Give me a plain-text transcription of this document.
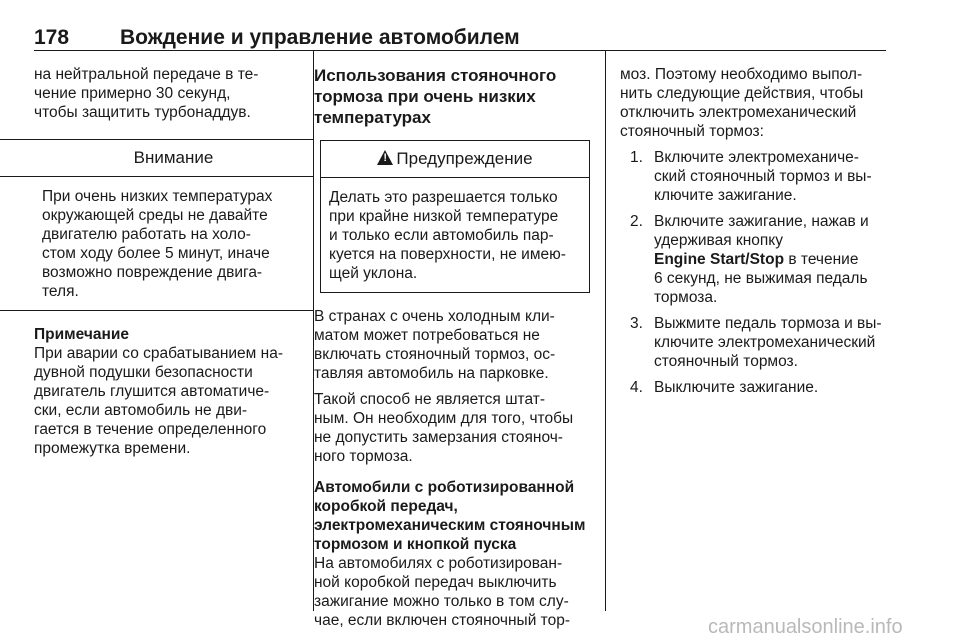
178 Вождение и управление автомобилем
на нейтральной передаче в те-
чение примерно 30 секунд,
чтобы защитить турбонаддув.
Внимание
При очень низких температурах
окружающей среды не давайте
двигателю работать на холо-
стом ходу более 5 минут, иначе
возможно повреждение двига-
теля.
Примечание
При аварии со срабатыванием на-
дувной подушки безопасности
двигатель глушится автоматиче-
ски, если автомобиль не дви-
гается в течение определенного
промежутка времени.
Использования стояночного
тормоза при очень низких
температурах
!Предупреждение
Делать это разрешается только
при крайне низкой температуре
и только если автомобиль пар-
куется на поверхности, не имею-
щей уклона.
В странах с очень холодным кли-
матом может потребоваться не
включать стояночный тормоз, ос-
тавляя автомобиль на парковке.
Такой способ не является штат-
ным. Он необходим для того, чтобы
не допустить замерзания стояноч-
ного тормоза.
Автомобили с роботизированной
коробкой передач,
электромеханическим стояночным
тормозом и кнопкой пуска
На автомобилях с роботизирован-
ной коробкой передач выключить
зажигание можно только в том слу-
чае, если включен стояночный тор-
моз. Поэтому необходимо выпол-
нить следующие действия, чтобы
отключить электромеханический
стояночный тормоз:
1. Включите электромеханиче-
ский стояночный тормоз и вы-
ключите зажигание.
2. Включите зажигание, нажав и
удерживая кнопку
Engine Start/Stop в течение
6 секунд, не выжимая педаль
тормоза.
3. Выжмите педаль тормоза и вы-
ключите электромеханический
стояночный тормоз.
4. Выключите зажигание.
carmanualsonline.info
